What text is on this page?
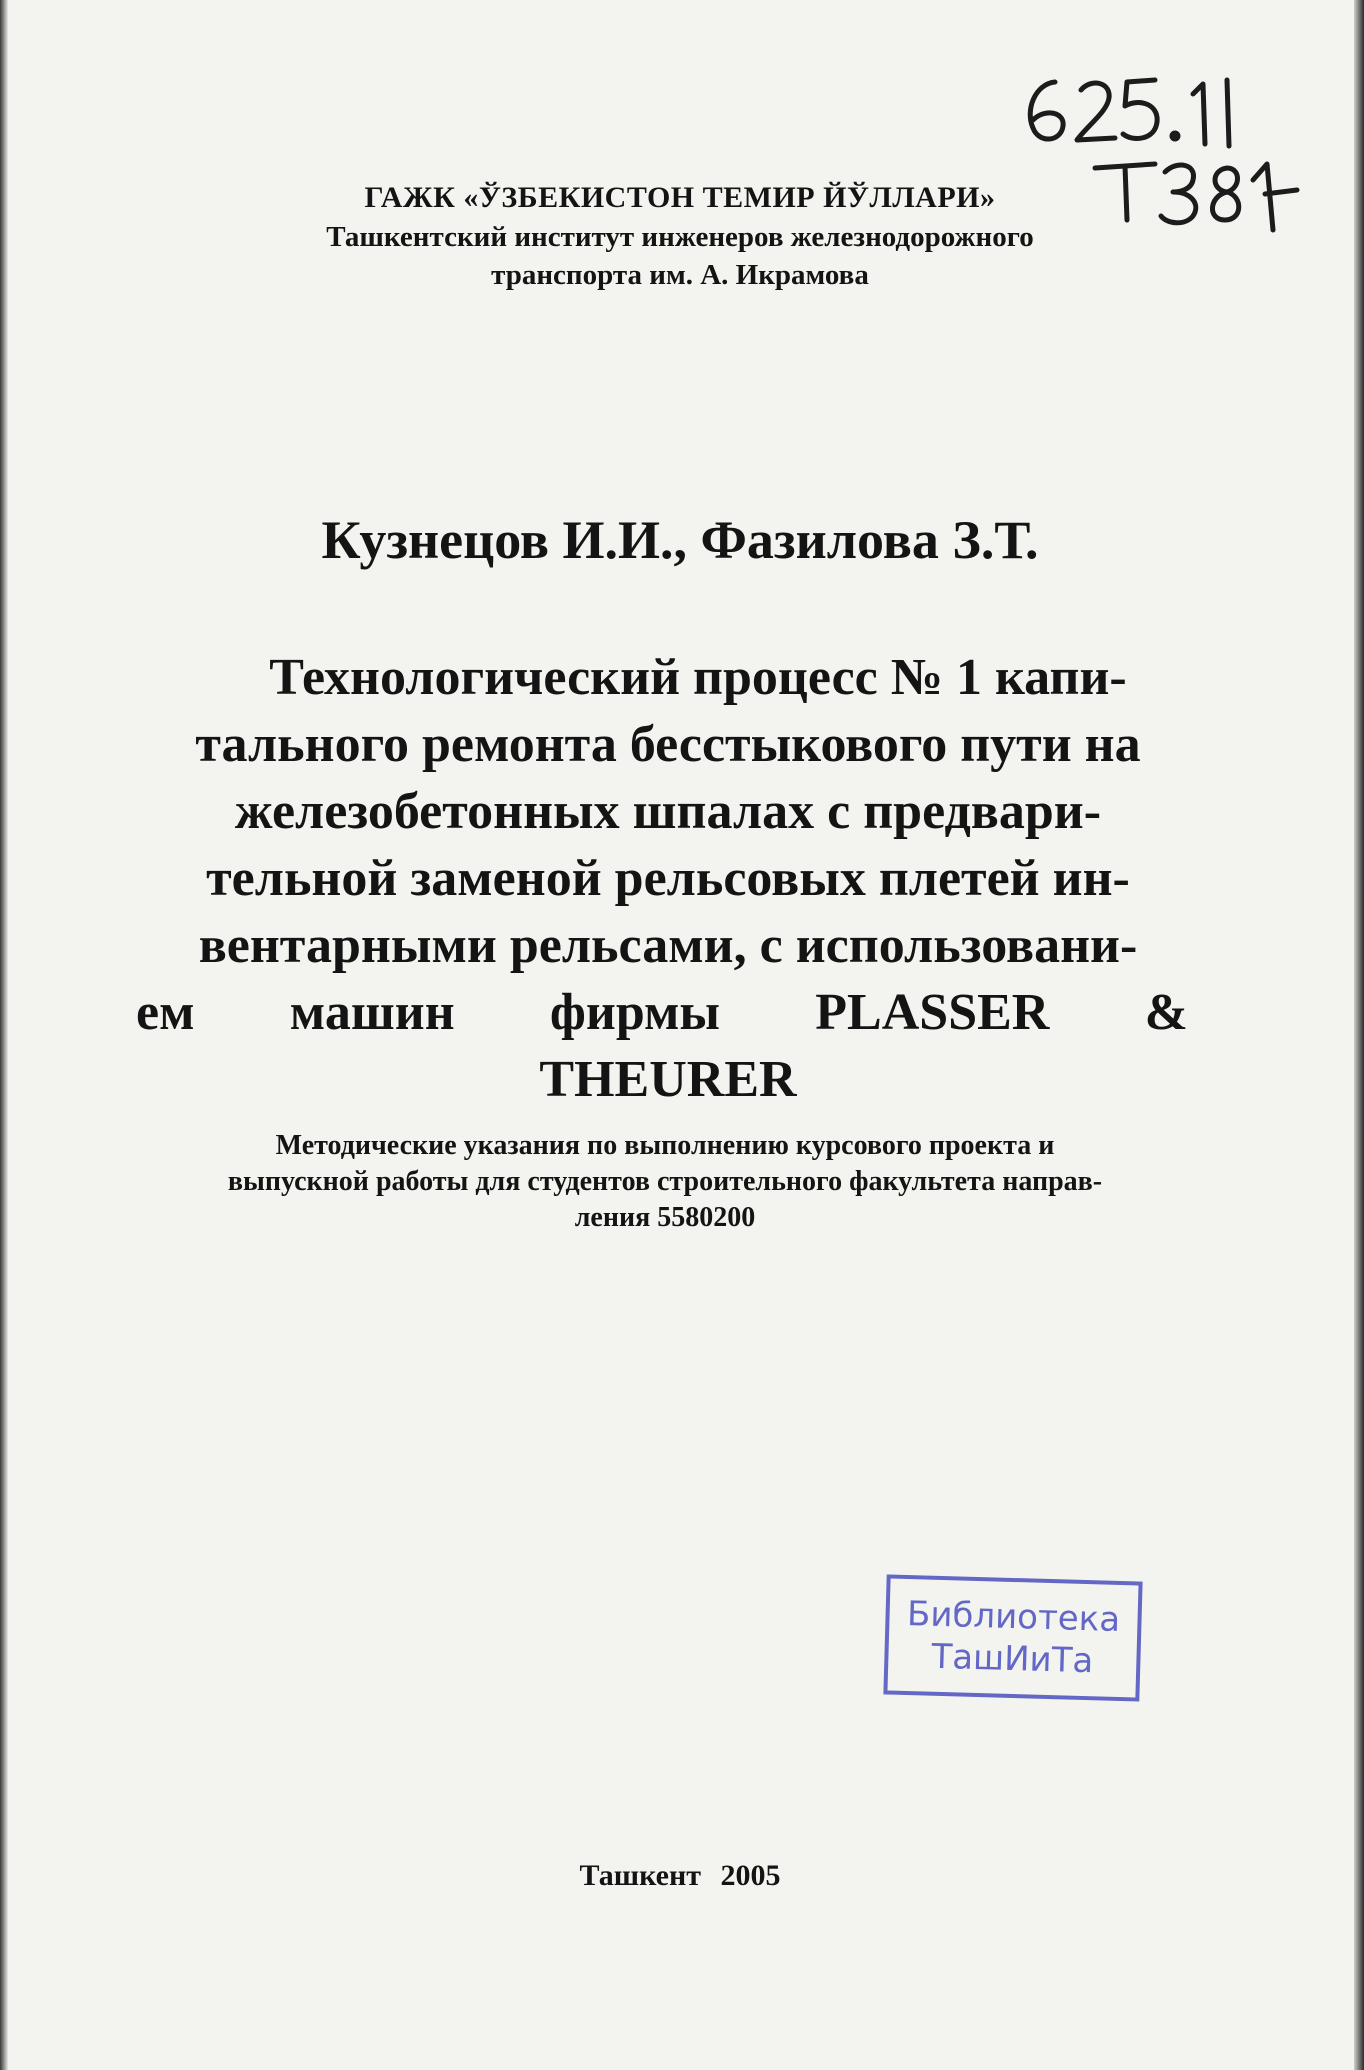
ГАЖК «ЎЗБЕКИСТОН ТЕМИР ЙЎЛЛАРИ»
Ташкентский институт инженеров железнодорожного
транспорта им. А. Икрамова
Кузнецов И.И., Фазилова З.Т.
Технологический процесс № 1 капи-
тального ремонта бесстыкового пути на
железобетонных шпалах с предвари-
тельной заменой рельсовых плетей ин-
вентарными рельсами, с использовани-
ем машин фирмы PLASSER &
THEURER
Методические указания по выполнению курсового проекта и
выпускной работы для студентов строительного факультета направ-
ления 5580200
Библиотека
ТашИиТа
Ташкент 2005
